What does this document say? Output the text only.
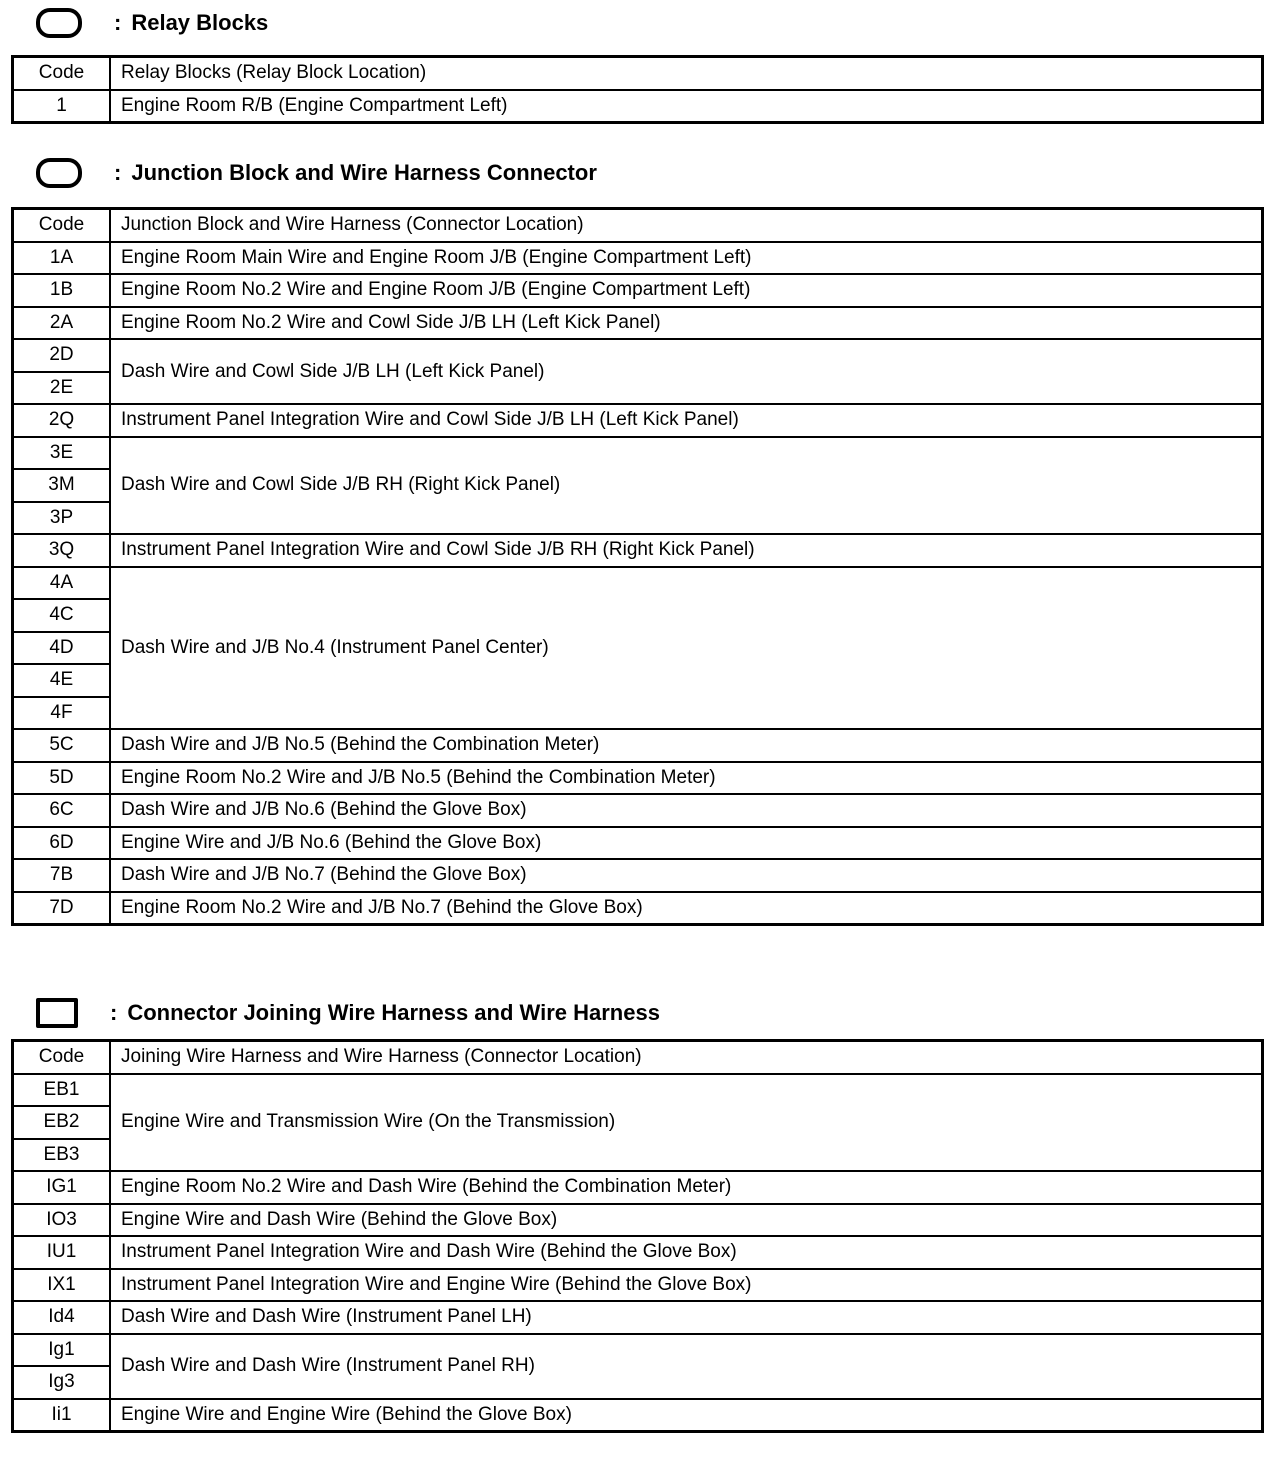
: Relay Blocks
Code	Relay Blocks (Relay Block Location)
1	Engine Room R/B (Engine Compartment Left)
: Junction Block and Wire Harness Connector
Code	Junction Block and Wire Harness (Connector Location)
1A	Engine Room Main Wire and Engine Room J/B (Engine Compartment Left)
1B	Engine Room No.2 Wire and Engine Room J/B (Engine Compartment Left)
2A	Engine Room No.2 Wire and Cowl Side J/B LH (Left Kick Panel)
2D	Dash Wire and Cowl Side J/B LH (Left Kick Panel)
2E	
2Q	Instrument Panel Integration Wire and Cowl Side J/B LH (Left Kick Panel)
3E	Dash Wire and Cowl Side J/B RH (Right Kick Panel)
3M	
3P	
3Q	Instrument Panel Integration Wire and Cowl Side J/B RH (Right Kick Panel)
4A	Dash Wire and J/B No.4 (Instrument Panel Center)
4C	
4D	
4E	
4F	
5C	Dash Wire and J/B No.5 (Behind the Combination Meter)
5D	Engine Room No.2 Wire and J/B No.5 (Behind the Combination Meter)
6C	Dash Wire and J/B No.6 (Behind the Glove Box)
6D	Engine Wire and J/B No.6 (Behind the Glove Box)
7B	Dash Wire and J/B No.7 (Behind the Glove Box)
7D	Engine Room No.2 Wire and J/B No.7 (Behind the Glove Box)
: Connector Joining Wire Harness and Wire Harness
Code	Joining Wire Harness and Wire Harness (Connector Location)
EB1	Engine Wire and Transmission Wire (On the Transmission)
EB2	
EB3	
IG1	Engine Room No.2 Wire and Dash Wire (Behind the Combination Meter)
IO3	Engine Wire and Dash Wire (Behind the Glove Box)
IU1	Instrument Panel Integration Wire and Dash Wire (Behind the Glove Box)
IX1	Instrument Panel Integration Wire and Engine Wire (Behind the Glove Box)
Id4	Dash Wire and Dash Wire (Instrument Panel LH)
Ig1	Dash Wire and Dash Wire (Instrument Panel RH)
Ig3	
Ii1	Engine Wire and Engine Wire (Behind the Glove Box)
